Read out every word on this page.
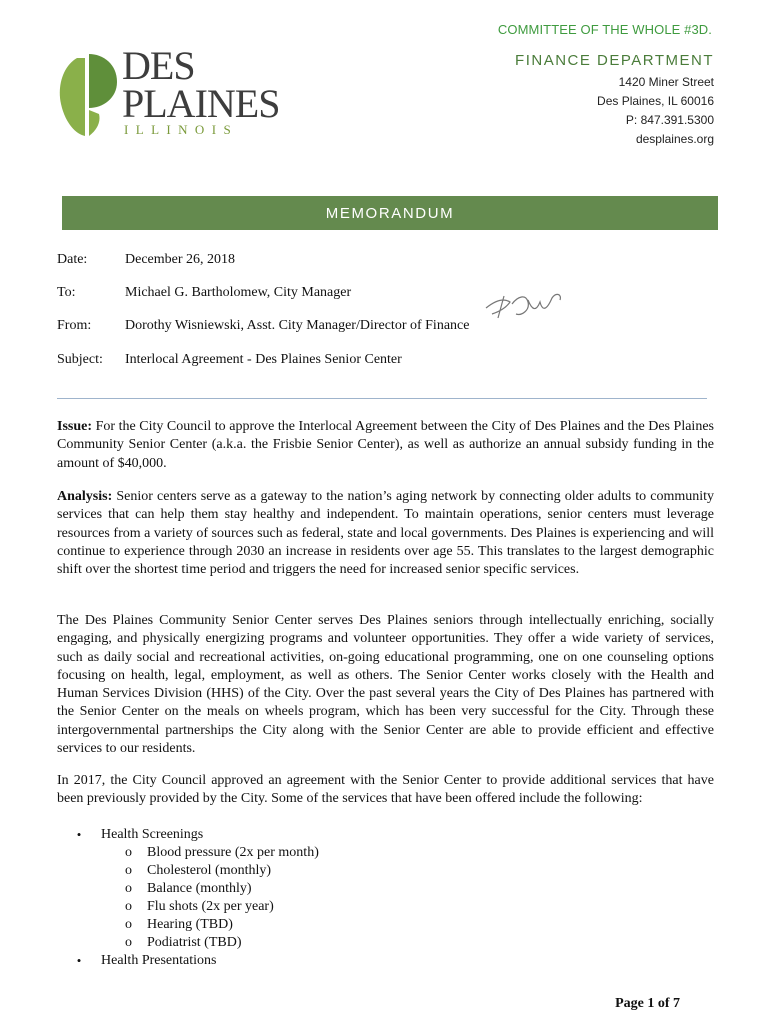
COMMITTEE OF THE WHOLE #3D.
DES
PLAINES
ILLINOIS
FINANCE DEPARTMENT
1420 Miner Street
Des Plaines, IL 60016
P: 847.391.5300
desplaines.org
MEMORANDUM
Date:	December 26, 2018
To:	Michael G. Bartholomew, City Manager
From:	Dorothy Wisniewski, Asst. City Manager/Director of Finance
Subject:	Interlocal Agreement - Des Plaines Senior Center
Issue: For the City Council to approve the Interlocal Agreement between the City of Des Plaines and the Des Plaines Community Senior Center (a.k.a. the Frisbie Senior Center), as well as authorize an annual subsidy funding in the amount of $40,000.
Analysis: Senior centers serve as a gateway to the nation’s aging network by connecting older adults to community services that can help them stay healthy and independent. To maintain operations, senior centers must leverage resources from a variety of sources such as federal, state and local governments. Des Plaines is experiencing and will continue to experience through 2030 an increase in residents over age 55. This translates to the largest demographic shift over the shortest time period and triggers the need for increased senior specific services.
The Des Plaines Community Senior Center serves Des Plaines seniors through intellectually enriching, socially engaging, and physically energizing programs and volunteer opportunities. They offer a wide variety of services, such as daily social and recreational activities, on-going educational programming, one on one counseling options focusing on health, legal, employment, as well as others. The Senior Center works closely with the Health and Human Services Division (HHS) of the City. Over the past several years the City of Des Plaines has partnered with the Senior Center on the meals on wheels program, which has been very successful for the City. Through these intergovernmental partnerships the City along with the Senior Center are able to provide efficient and effective services to our residents.
In 2017, the City Council approved an agreement with the Senior Center to provide additional services that have been previously provided by the City. Some of the services that have been offered include the following:
•	Health Screenings
o	Blood pressure (2x per month)
o	Cholesterol (monthly)
o	Balance (monthly)
o	Flu shots (2x per year)
o	Hearing (TBD)
o	Podiatrist (TBD)
•	Health Presentations
Page 1 of 7
